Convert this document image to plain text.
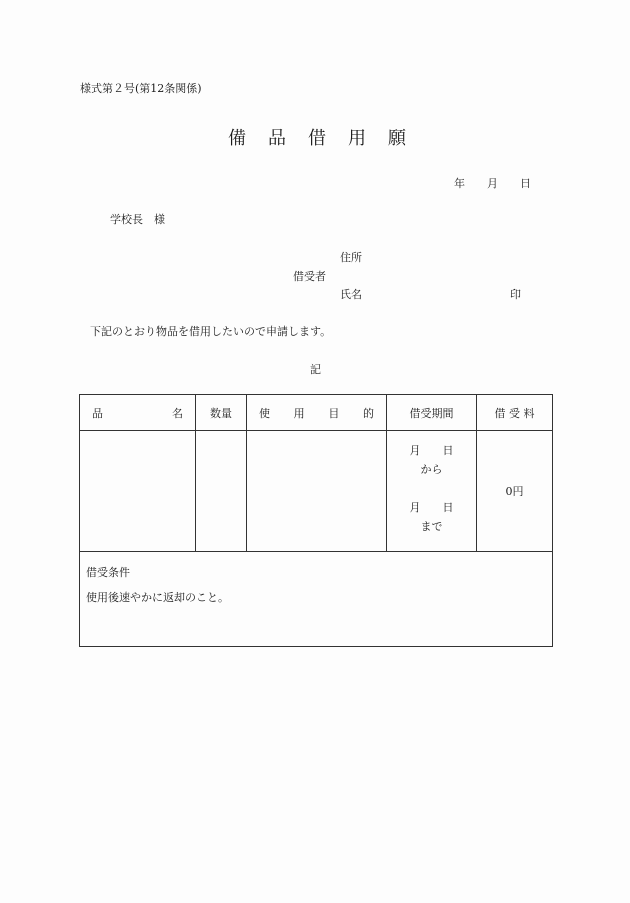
様式第２号(第12条関係)
備品借用願
年 月 日
学校長　様
住所
借受者
氏名	印
下記のとおり物品を借用したいので申請します。
記
品 名	数量	使 用 目 的	借受期間	借 受 料

			月　　日
から
月　　日
まで	0円

借受条件
使用後速やかに返却のこと。				
